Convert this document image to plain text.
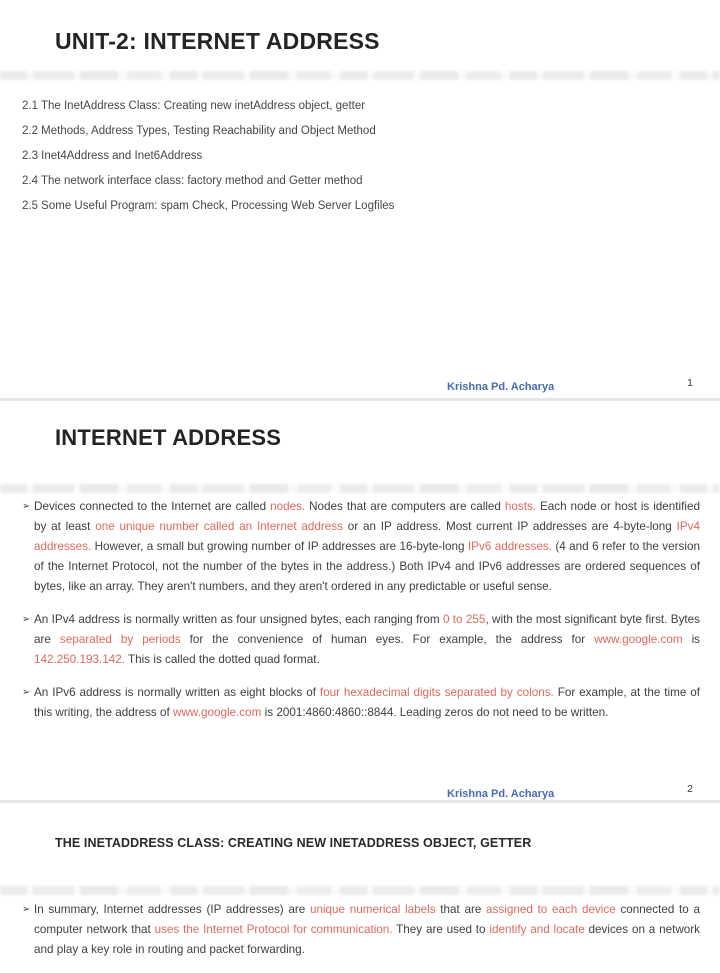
UNIT-2: INTERNET ADDRESS
2.1 The InetAddress Class: Creating new inetAddress object, getter
2.2 Methods, Address Types, Testing Reachability and Object Method
2.3 Inet4Address and Inet6Address
2.4 The network interface class: factory method and Getter method
2.5 Some Useful Program: spam Check, Processing Web Server Logfiles
Krishna Pd. Acharya	1
INTERNET ADDRESS
➢ Devices connected to the Internet are called nodes. Nodes that are computers are called hosts. Each node or host is identified by at least one unique number called an Internet address or an IP address. Most current IP addresses are 4-byte-long IPv4 addresses. However, a small but growing number of IP addresses are 16-byte-long IPv6 addresses. (4 and 6 refer to the version of the Internet Protocol, not the number of the bytes in the address.) Both IPv4 and IPv6 addresses are ordered sequences of bytes, like an array. They aren't numbers, and they aren't ordered in any predictable or useful sense.

➢ An IPv4 address is normally written as four unsigned bytes, each ranging from 0 to 255, with the most significant byte first. Bytes are separated by periods for the convenience of human eyes. For example, the address for www.google.com is 142.250.193.142. This is called the dotted quad format.

➢ An IPv6 address is normally written as eight blocks of four hexadecimal digits separated by colons. For example, at the time of this writing, the address of www.google.com is 2001:4860:4860::8844. Leading zeros do not need to be written.

Krishna Pd. Acharya	2
THE INETADDRESS CLASS: CREATING NEW INETADDRESS OBJECT, GETTER
➢ In summary, Internet addresses (IP addresses) are unique numerical labels that are assigned to each device connected to a computer network that uses the Internet Protocol for communication. They are used to identify and locate devices on a network and play a key role in routing and packet forwarding.
